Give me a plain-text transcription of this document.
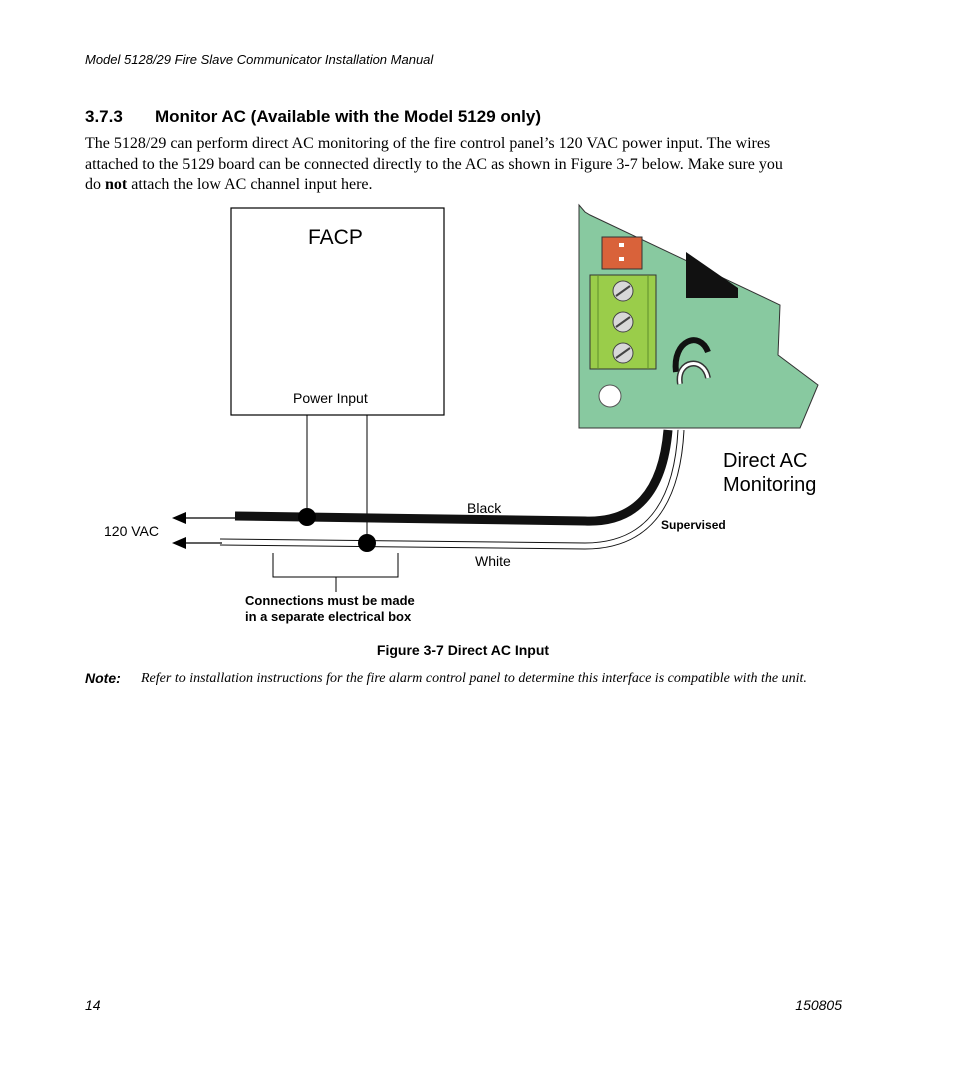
Model 5128/29 Fire Slave Communicator Installation Manual
3.7.3 Monitor AC (Available with the Model 5129 only)
The 5128/29 can perform direct AC monitoring of the fire control panel’s 120 VAC power input. The wires
attached to the 5129 board can be connected directly to the AC as shown in Figure 3-7 below. Make sure you
do not attach the low AC channel input here.
FACP
Power Input
120 VAC
Black
White
Supervised
Direct AC
Monitoring
Connections must be made
in a separate electrical box
Figure 3-7 Direct AC Input
Note: Refer to installation instructions for the fire alarm control panel to determine this interface is compatible with the unit.
14	150805
